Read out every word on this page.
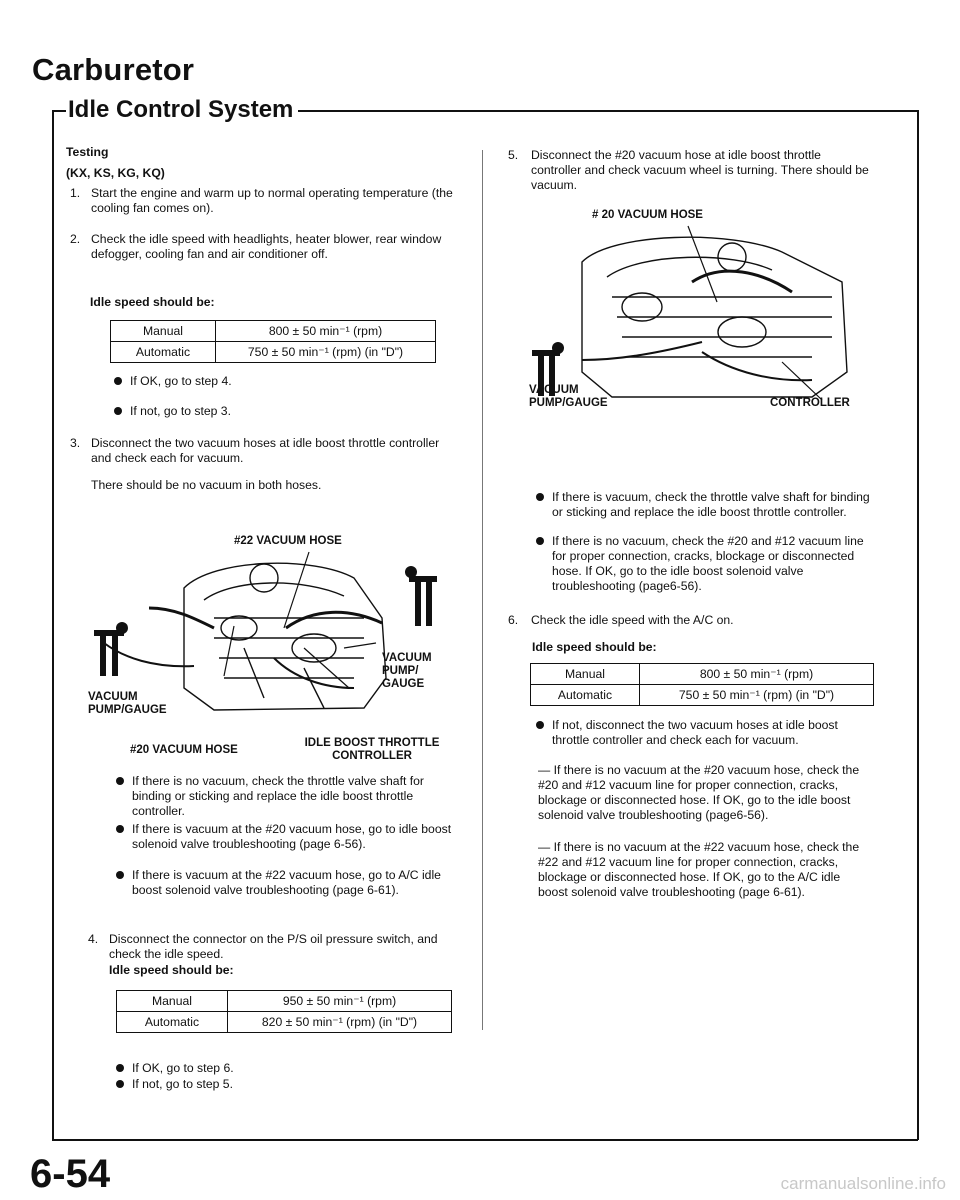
Carburetor
Idle Control System
Testing
(KX, KS, KG, KQ)
1. Start the engine and warm up to normal operating temperature (the cooling fan comes on).
2. Check the idle speed with headlights, heater blower, rear window defogger, cooling fan and air conditioner off.
Idle speed should be:
Manual	800 ± 50 min⁻¹ (rpm)
Automatic	750 ± 50 min⁻¹ (rpm) (in "D")
If OK, go to step 4.
If not, go to step 3.
3. Disconnect the two vacuum hoses at idle boost throttle controller and check each for vacuum.
There should be no vacuum in both hoses.
#22 VACUUM HOSE
VACUUM PUMP/ GAUGE
VACUUM PUMP/GAUGE
#20 VACUUM HOSE
IDLE BOOST THROTTLE CONTROLLER
If there is no vacuum, check the throttle valve shaft for binding or sticking and replace the idle boost throttle controller.
If there is vacuum at the #20 vacuum hose, go to idle boost solenoid valve troubleshooting (page 6-56).
If there is vacuum at the #22 vacuum hose, go to A/C idle boost solenoid valve troubleshooting (page 6-61).
4. Disconnect the connector on the P/S oil pressure switch, and check the idle speed.
Idle speed should be:
Manual	950 ± 50 min⁻¹ (rpm)
Automatic	820 ± 50 min⁻¹ (rpm) (in "D")
If OK, go to step 6.
If not, go to step 5.
5. Disconnect the #20 vacuum hose at idle boost throttle controller and check vacuum wheel is turning. There should be vacuum.
# 20 VACUUM HOSE
VACUUM PUMP/GAUGE	CONTROLLER
If there is vacuum, check the throttle valve shaft for binding or sticking and replace the idle boost throttle controller.
If there is no vacuum, check the #20 and #12 vacuum line for proper connection, cracks, blockage or disconnected hose. If OK, go to the idle boost solenoid valve troubleshooting (page6-56).
6. Check the idle speed with the A/C on.
Idle speed should be:
Manual	800 ± 50 min⁻¹ (rpm)
Automatic	750 ± 50 min⁻¹ (rpm) (in "D")
If not, disconnect the two vacuum hoses at idle boost throttle controller and check each for vacuum.
— If there is no vacuum at the #20 vacuum hose, check the #20 and #12 vacuum line for proper connection, cracks, blockage or disconnected hose. If OK, go to the idle boost solenoid valve troubleshooting (page6-56).
— If there is no vacuum at the #22 vacuum hose, check the #22 and #12 vacuum line for proper connection, cracks, blockage or disconnected hose. If OK, go to the A/C idle boost solenoid valve troubleshooting (page 6-61).
6-54	carmanualsonline.info
